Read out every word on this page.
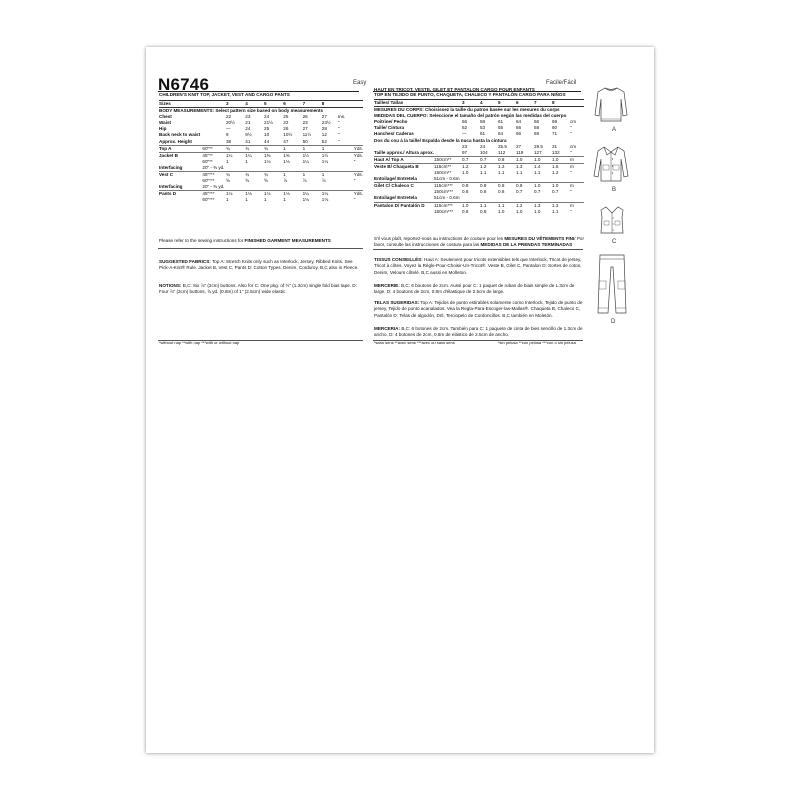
N6746	Easy	Facile/Fácil
CHILDREN'S KNIT TOP, JACKET, VEST AND CARGO PANTS
Sizes		3	4	5	6	7	8		
BODY MEASUREMENTS: Select pattern size based on body measurements									
Chest		22	23	24	25	26	27	Ins.	
Waist		20½	21	21½	22	23	23½	"	
Hip		—	24	25	26	27	28	"	
Back neck to waist		9	9½	10	10½	11½	12	"	
Approx. Height		38	41	44	47	50	52	"	
Top A	60"**	¾	¾	¾	1	1	1		Yds.
Jacket B	45"**	1¼	1¼	1⅜	1⅜	1½	1½		Yds.
	60"**	1	1	1⅛	1⅛	1¼	1¼		"
Interfacing	20" - ⅜ yd.								
Vest C	45"***	¾	¾	¾	1	1	1		Yds.
	60"***	⅝	⅝	⅝	⅞	⅞	⅞		"
Interfacing	20" - ⅜ yd.								
Pants D	45"***	1⅛	1⅛	1⅛	1⅛	1¼	1¼		Yds.
	60"***	1	1	1	1	1⅛	1⅛		"
Please refer to the sewing instructions for FINISHED GARMENT MEASUREMENTS
SUGGESTED FABRICS: Top A: Stretch Knits only such as Interlock, Jersey, Ribbed Knits. See Pick-A-Knit® Rule. Jacket B, Vest C, Pants D: Cotton Types, Denim, Corduroy. B,C also in Fleece.
NOTIONS: B,C: Six ⅞" (2cm) buttons. Also for C: One pkg. of ½" (1.3cm) single fold bias tape. D: Four ⅞" (2cm) buttons, ⅞ yd. (0.8m) of 1" (2.5cm) wide elastic.
*without nap **with nap ***with or without nap
HAUT EN TRICOT, VESTE, GILET ET PANTALON CARGO POUR ENFANTS
TOP EN TEJIDO DE PUNTO, CHAQUETA, CHALECO Y PANTALÓN CARGO PARA NIÑOS
Tailles/ Tallas		3	4	5	6	7	8	
MESURES DU CORPS: Choisissez la taille du patron basée sur les mesures du corps								
MEDIDAS DEL CUERPO: Seleccione el tamaño del patrón según las medidas del cuerpo								
Poitrine/ Pecho		56	58	61	64	66	69	cm
Taille/ Cintura		52	53	55	56	58	60	"
Hanches/ Caderas		—	61	64	66	69	71	"
Dos du cou à la taille/ Espalda desde la nuca hasta la cintura								
		23	24	25.5	27	29.5	31	cm
Taille approx./ Altura aprox.		97	104	112	119	127	132	"
Haut A/ Top A	150cm**	0.7	0.7	0.8	1.0	1.0	1.0	m
Veste B/ Chaqueta B	115cm**	1.2	1.2	1.3	1.3	1.4	1.5	m
	150cm**	1.0	1.1	1.1	1.1	1.1	1.2	"
Entoilage/ Entretela	51cm - 0.6m							
Gilet C/ Chaleco C	115cm***	0.8	0.8	0.8	0.8	1.0	1.0	m
	150cm***	0.6	0.6	0.6	0.7	0.7	0.7	"
Entoilage/ Entretela	51cm - 0.6m							
Pantalon D/ Pantalón D	115cm***	1.0	1.1	1.1	1.2	1.3	1.3	m
	150cm***	0.8	0.8	1.0	1.0	1.0	1.1	"
S'il vous plaît, reportez-vous au instructions de couture pour les MESURES DU VÊTEMENTS FINI/ Por favor, consulte las instrucciones de costura para las MEDIDAS DE LA PRENDAS TERMINADAS
TISSUS CONSEILLÉS: Haut A: Seulement pour tricots extensibles tels que Interlock, Tricot de jersey, Tricot à côtes. Voyez la Règle-Pour-Choisir-Un-Tricot®. Veste B, Gilet C, Pantalon D: Sortes de coton, Denim, Velours côtelé. B,C aussi en Molleton.
MERCERIE: B,C: 6 boutons de 2cm. Aussi pour C: 1 paquet de ruban de biais simple de 1.3cm de large. D: 4 boutons de 2cm, 0.8m d'élastique de 2.5cm de large.
TELAS SUGERIDAS: Top A: Tejidos de punto estirables solamente como Interlock, Tejido de punto de jersey, Tejido de punto acanalados. Vea la Regla-Para-Escoger-las-Mallas®. Chaqueta B, Chaleco C, Pantalón D: Telas de algodón, Dril, Terciopelo de Cordoncillos. B,C también en Moletón.
MERCERIA: B,C: 6 botones de 2cm. También para C: 1 paquete de cinta de bies sencillo de 1.3cm de ancho. D: 4 botones de 2cm, 0.8m de elástico de 2.5cm de ancho.
*sans sens **avec sens ***avec ou sans sens	*sin pelusa **con pelusa ***con o sin pelusa
A
B
C
D
